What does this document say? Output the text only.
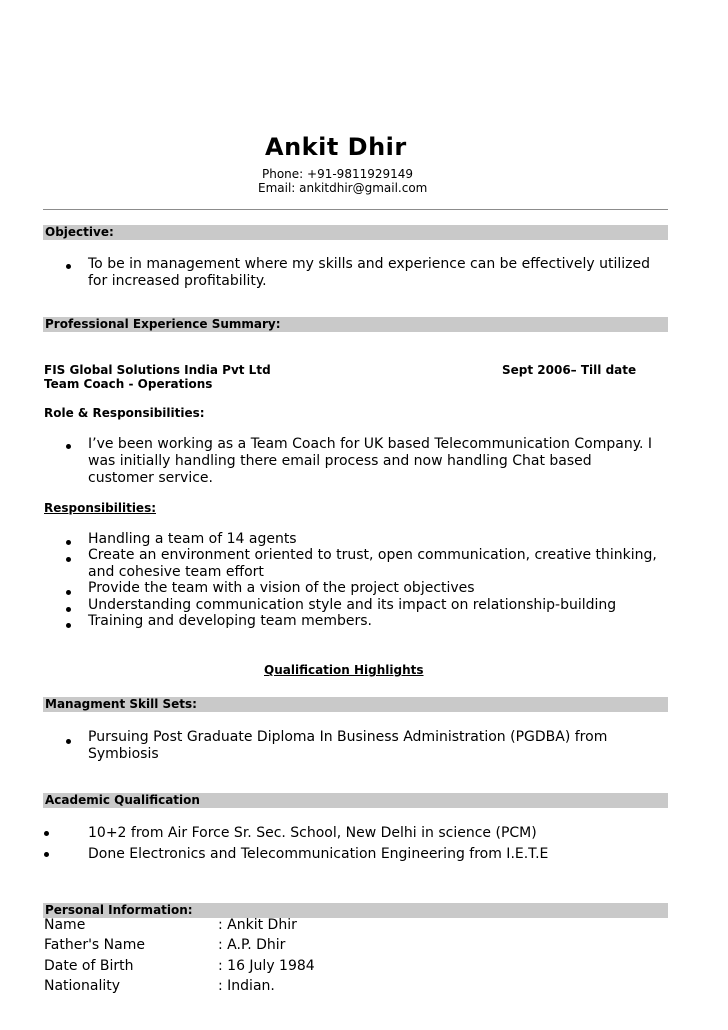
Ankit Dhir
Phone: +91-9811929149
Email: ankitdhir@gmail.com
Objective:
To be in management where my skills and experience can be effectively utilized for increased profitability.
Professional Experience Summary:
FIS Global Solutions India Pvt Ltd	Sept 2006– Till date
Team Coach - Operations
Role & Responsibilities:
I’ve been working as a Team Coach for UK based Telecommunication Company. I was initially handling there email process and now handling Chat based customer service.
Responsibilities:
Handling a team of 14 agents
Create an environment oriented to trust, open communication, creative thinking, and cohesive team effort
Provide the team with a vision of the project objectives
Understanding communication style and its impact on relationship-building
Training and developing team members.
Qualification Highlights
Managment Skill Sets:
Pursuing Post Graduate Diploma In Business Administration (PGDBA) from Symbiosis
Academic Qualification
10+2 from Air Force Sr. Sec. School, New Delhi in science (PCM)
Done Electronics and Telecommunication Engineering from I.E.T.E
Personal Information:
Name	: Ankit Dhir
Father's Name	: A.P. Dhir
Date of Birth	: 16 July 1984
Nationality	: Indian.
